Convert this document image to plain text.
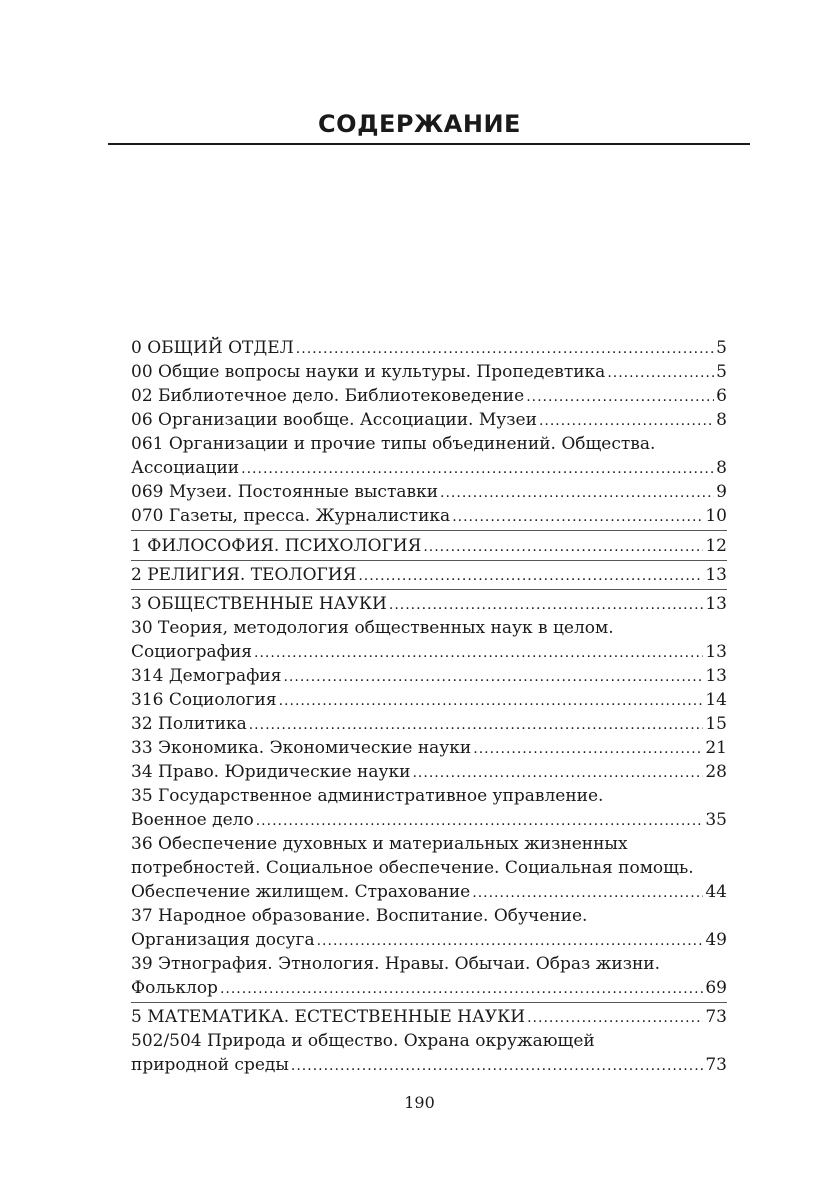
СОДЕРЖАНИЕ
0 ОБЩИЙ ОТДЕЛ .....	5
00 Общие вопросы науки и культуры. Пропедевтика .....	5
02 Библиотечное дело. Библиотековедение .....	6
06 Организации вообще. Ассоциации. Музеи .....	8
061 Организации и прочие типы объединений. Общества.
Ассоциации .....	8
069 Музеи. Постоянные выставки .....	9
070 Газеты, пресса. Журналистика .....	10
1 ФИЛОСОФИЯ. ПСИХОЛОГИЯ .....	12
2 РЕЛИГИЯ. ТЕОЛОГИЯ .....	13
3 ОБЩЕСТВЕННЫЕ НАУКИ .....	13
30 Теория, методология общественных наук в целом.
Социография .....	13
314 Демография .....	13
316 Социология .....	14
32 Политика .....	15
33 Экономика. Экономические науки .....	21
34 Право. Юридические науки .....	28
35 Государственное административное управление.
Военное дело .....	35
36 Обеспечение духовных и материальных жизненных
потребностей. Социальное обеспечение. Социальная помощь.
Обеспечение жилищем. Страхование .....	44
37 Народное образование. Воспитание. Обучение.
Организация досуга .....	49
39 Этнография. Этнология. Нравы. Обычаи. Образ жизни.
Фольклор .....	69
5 МАТЕМАТИКА. ЕСТЕСТВЕННЫЕ НАУКИ .....	73
502/504 Природа и общество. Охрана окружающей
природной среды .....	73
190
